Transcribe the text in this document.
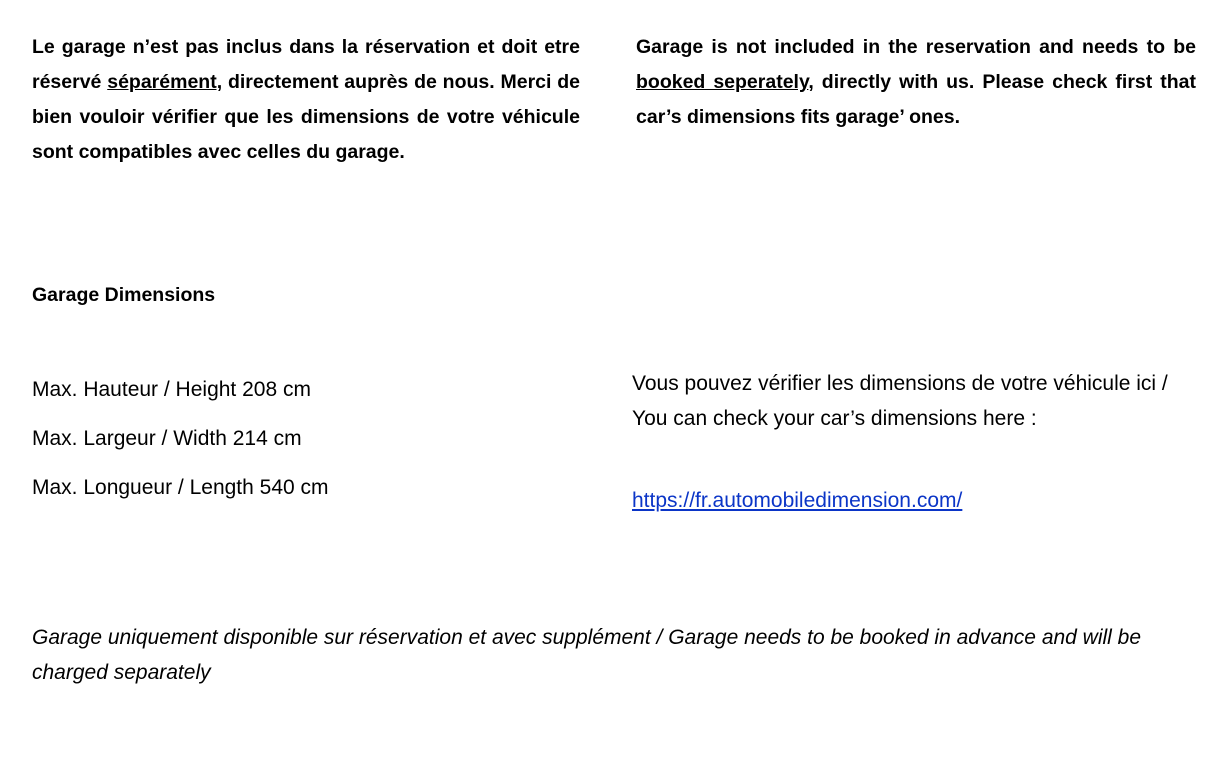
Le garage n’est pas inclus dans la réservation et doit etre réservé séparément, directement auprès de nous. Merci de bien vouloir vérifier que les dimensions de votre véhicule sont compatibles avec celles du garage.

Garage is not included in the reservation and needs to be booked seperately, directly with us. Please check first that car’s dimensions fits garage’ ones.

Garage Dimensions
Max. Hauteur / Height 208 cm
Max. Largeur / Width 214 cm
Max. Longueur / Length 540 cm

Vous pouvez vérifier les dimensions de votre véhicule ici / You can check your car’s dimensions here :

https://fr.automobiledimension.com/

Garage uniquement disponible sur réservation et avec supplément / Garage needs to be booked in advance and will be charged separately
